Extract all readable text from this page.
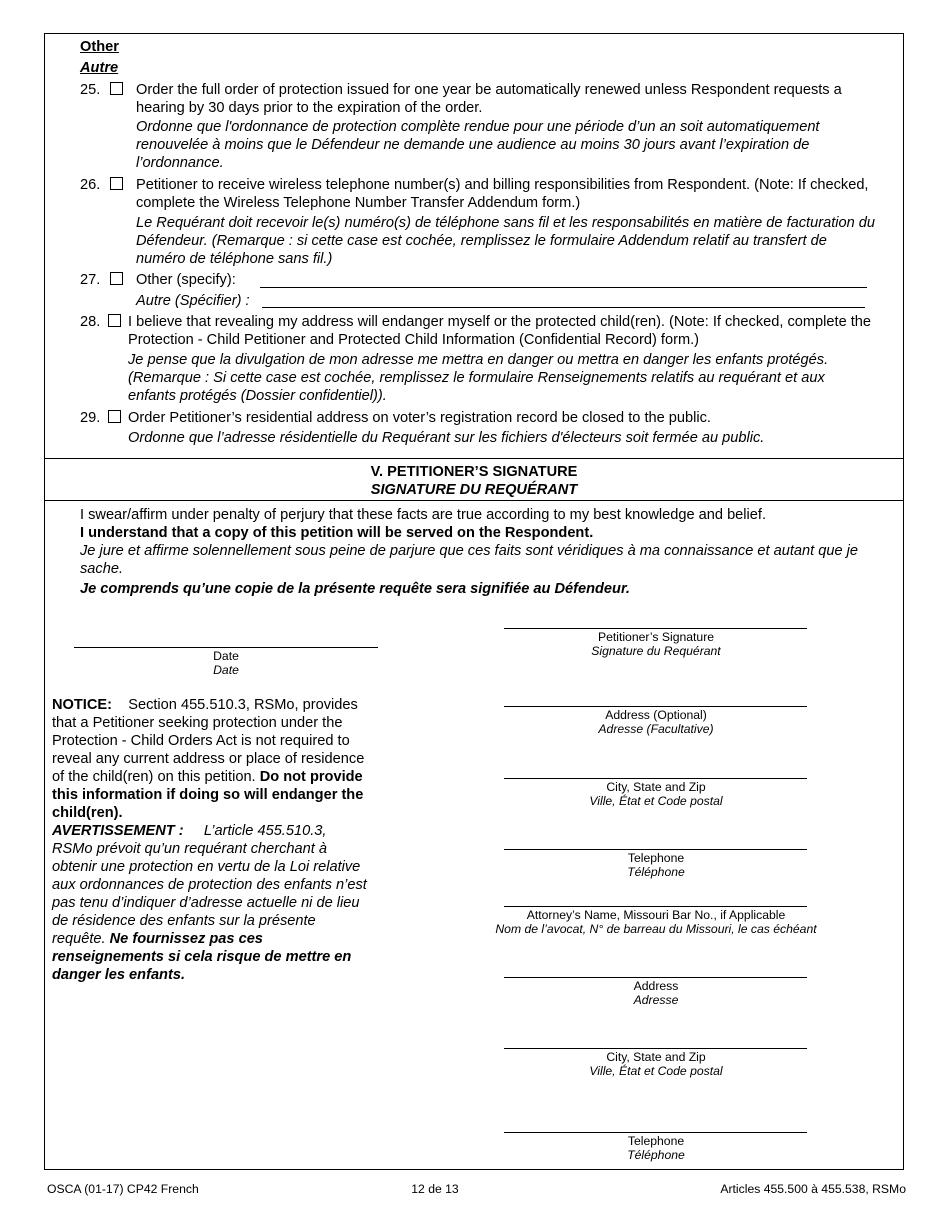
Other
Autre
25. Order the full order of protection issued for one year be automatically renewed unless Respondent requests a hearing by 30 days prior to the expiration of the order.
Ordonne que l'ordonnance de protection complète rendue pour une période d’un an soit automatiquement renouvelée à moins que le Défendeur ne demande une audience au moins 30 jours avant l’expiration de l’ordonnance.
26. Petitioner to receive wireless telephone number(s) and billing responsibilities from Respondent. (Note: If checked, complete the Wireless Telephone Number Transfer Addendum form.)
Le Requérant doit recevoir le(s) numéro(s) de téléphone sans fil et les responsabilités en matière de facturation du Défendeur. (Remarque : si cette case est cochée, remplissez le formulaire Addendum relatif au transfert de numéro de téléphone sans fil.)
27. Other (specify):
Autre (Spécifier) :
28. I believe that revealing my address will endanger myself or the protected child(ren). (Note: If checked, complete the Protection - Child Petitioner and Protected Child Information (Confidential Record) form.)
Je pense que la divulgation de mon adresse me mettra en danger ou mettra en danger les enfants protégés. (Remarque : Si cette case est cochée, remplissez le formulaire Renseignements relatifs au requérant et aux enfants protégés (Dossier confidentiel)).
29. Order Petitioner’s residential address on voter’s registration record be closed to the public.
Ordonne que l’adresse résidentielle du Requérant sur les fichiers d'électeurs soit fermée au public.
V. PETITIONER’S SIGNATURE
SIGNATURE DU REQUÉRANT
I swear/affirm under penalty of perjury that these facts are true according to my best knowledge and belief.
I understand that a copy of this petition will be served on the Respondent.
Je jure et affirme solennellement sous peine de parjure que ces faits sont véridiques à ma connaissance et autant que je sache.
Je comprends qu’une copie de la présente requête sera signifiée au Défendeur.
Date
Date
NOTICE: Section 455.510.3, RSMo, provides that a Petitioner seeking protection under the Protection - Child Orders Act is not required to reveal any current address or place of residence of the child(ren) on this petition. Do not provide this information if doing so will endanger the child(ren).
AVERTISSEMENT : L’article 455.510.3, RSMo prévoit qu’un requérant cherchant à obtenir une protection en vertu de la Loi relative aux ordonnances de protection des enfants n’est pas tenu d’indiquer d’adresse actuelle ni de lieu de résidence des enfants sur la présente requête. Ne fournissez pas ces renseignements si cela risque de mettre en danger les enfants.
Petitioner’s Signature
Signature du Requérant
Address (Optional)
Adresse (Facultative)
City, State and Zip
Ville, État et Code postal
Telephone
Téléphone
Attorney’s Name, Missouri Bar No., if Applicable
Nom de l’avocat, N° de barreau du Missouri, le cas échéant
Address
Adresse
City, State and Zip
Ville, État et Code postal
Telephone
Téléphone
OSCA (01-17) CP42 French	12 de 13	Articles 455.500 à 455.538, RSMo
